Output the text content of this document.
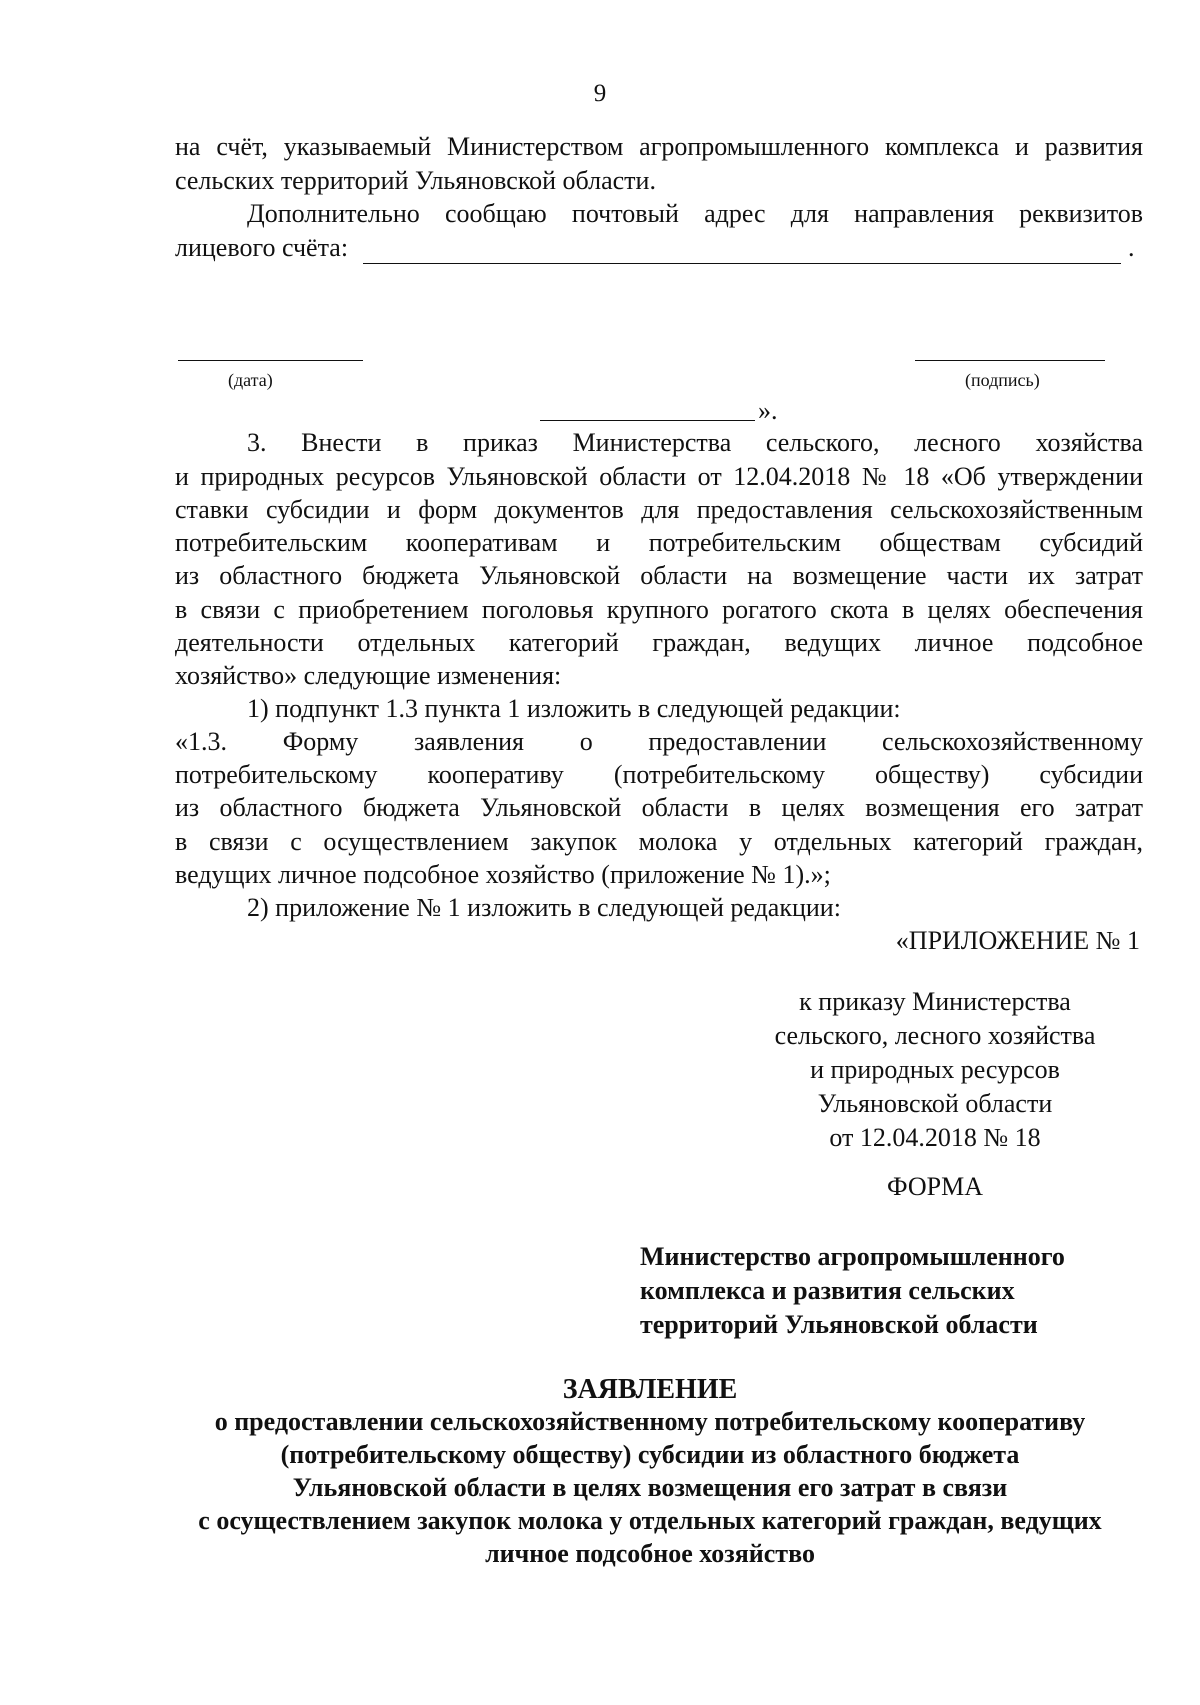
9

на счёт, указываемый Министерством агропромышленного комплекса и развития

сельских территорий Ульяновской области.

Дополнительно сообщаю почтовый адрес для направления реквизитов

лицевого счёта:	.
(дата)	(подпись)
».

3. Внести в приказ Министерства сельского, лесного хозяйства

и природных ресурсов Ульяновской области от 12.04.2018 № 18 «Об утверждении

ставки субсидии и форм документов для предоставления сельскохозяйственным

потребительским кооперативам и потребительским обществам субсидий

из областного бюджета Ульяновской области на возмещение части их затрат

в связи с приобретением поголовья крупного рогатого скота в целях обеспечения

деятельности отдельных категорий граждан, ведущих личное подсобное

хозяйство» следующие изменения:

1) подпункт 1.3 пункта 1 изложить в следующей редакции:

«1.3. Форму заявления о предоставлении сельскохозяйственному

потребительскому кооперативу (потребительскому обществу) субсидии

из областного бюджета Ульяновской области в целях возмещения его затрат

в связи с осуществлением закупок молока у отдельных категорий граждан,

ведущих личное подсобное хозяйство (приложение № 1).»;

2) приложение № 1 изложить в следующей редакции:

«ПРИЛОЖЕНИЕ № 1
к приказу Министерства
сельского, лесного хозяйства
и природных ресурсов
Ульяновской области
от 12.04.2018 № 18
ФОРМА
Министерство агропромышленного
комплекса и развития сельских
территорий Ульяновской области
ЗАЯВЛЕНИЕ
о предоставлении сельскохозяйственному потребительскому кооперативу
(потребительскому обществу) субсидии из областного бюджета
Ульяновской области в целях возмещения его затрат в связи
с осуществлением закупок молока у отдельных категорий граждан, ведущих
личное подсобное хозяйство
